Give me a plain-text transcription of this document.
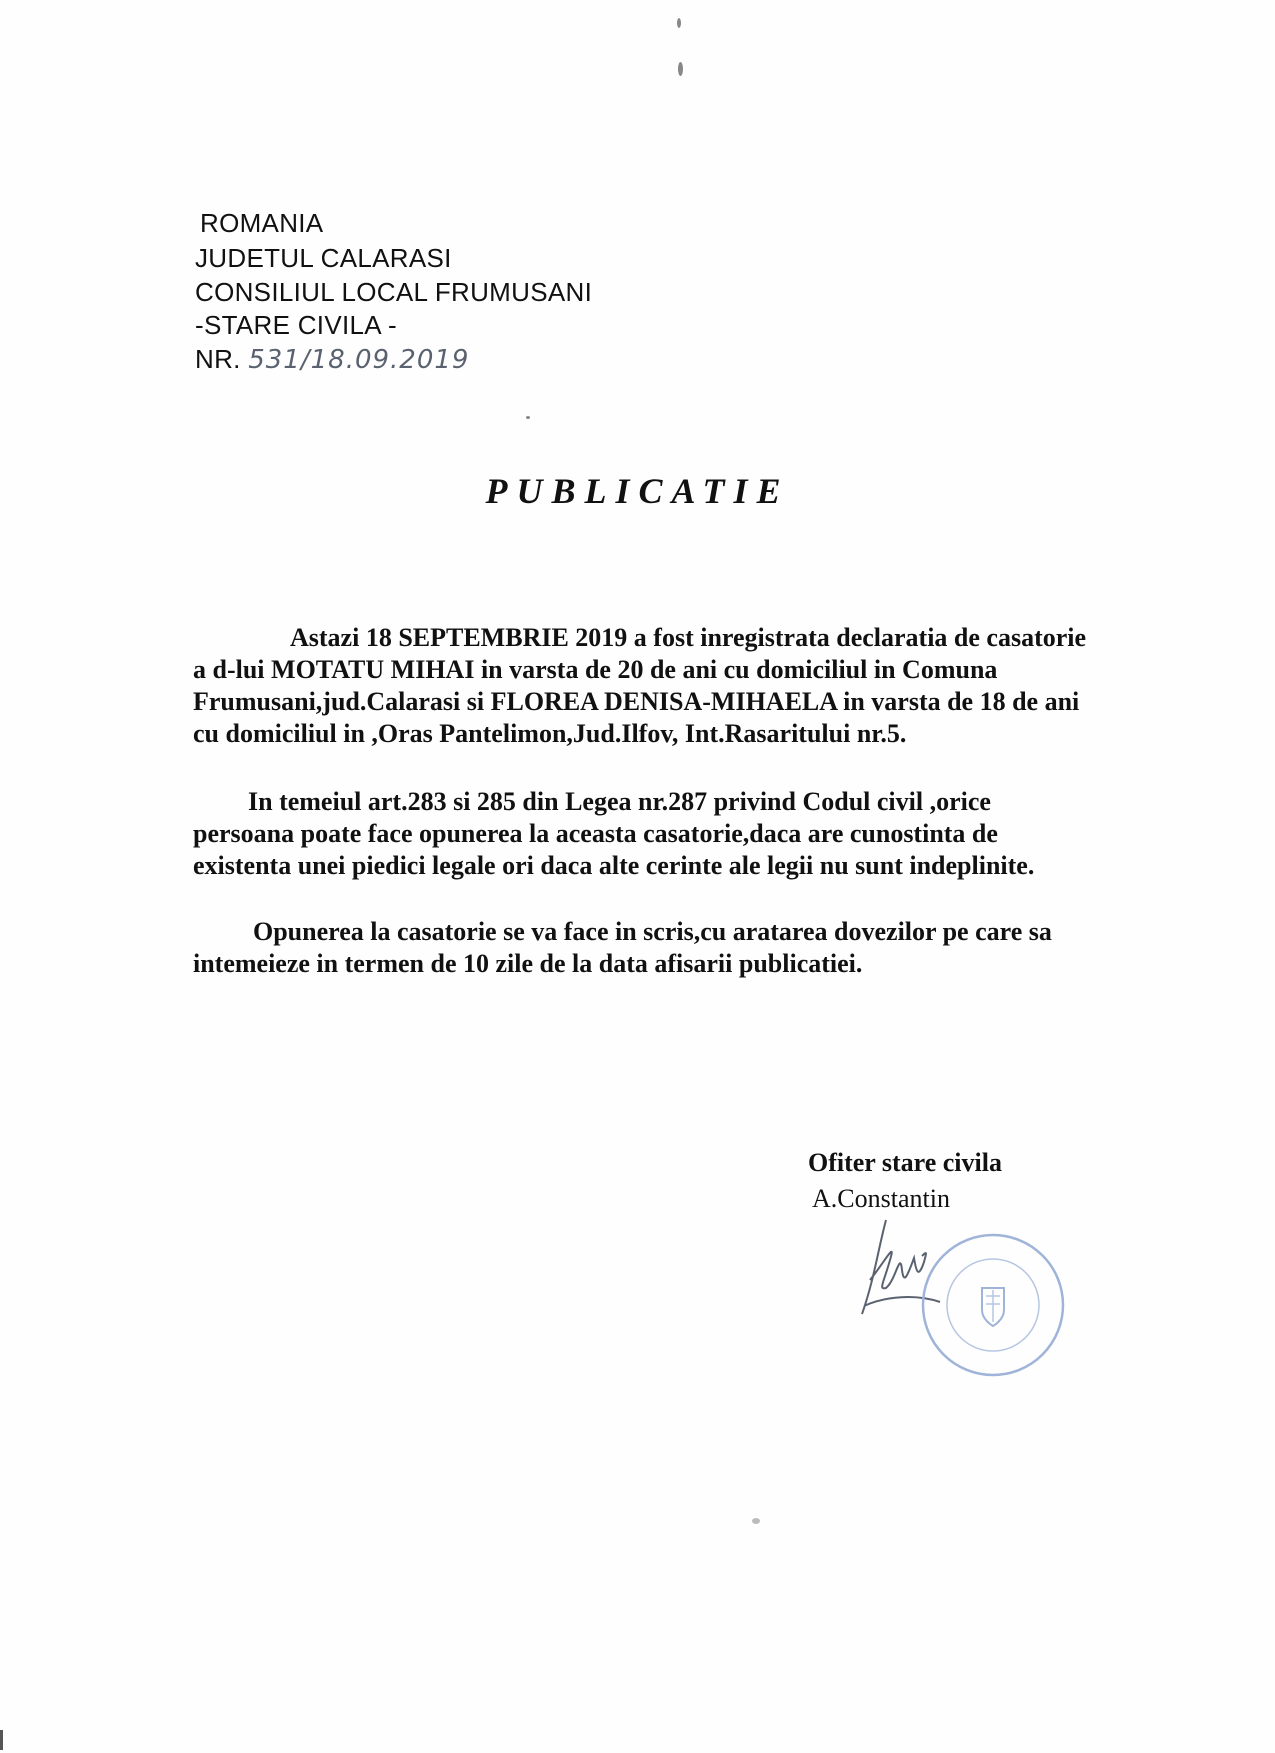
ROMANIA
JUDETUL CALARASI
CONSILIUL LOCAL FRUMUSANI
-STARE CIVILA -
NR. 531/18.09.2019
PUBLICATIE

Astazi 18 SEPTEMBRIE 2019 a fost inregistrata declaratia de casatorie a d-lui MOTATU MIHAI in varsta de 20 de ani cu domiciliul in Comuna Frumusani,jud.Calarasi si FLOREA DENISA-MIHAELA in varsta de 18 de ani cu domiciliul in ,Oras Pantelimon,Jud.Ilfov, Int.Rasaritului nr.5.

In temeiul art.283 si 285 din Legea nr.287 privind Codul civil ,orice persoana poate face opunerea la aceasta casatorie,daca are cunostinta de existenta unei piedici legale ori daca alte cerinte ale legii nu sunt indeplinite.

Opunerea la casatorie se va face in scris,cu aratarea dovezilor pe care sa intemeieze in termen de 10 zile de la data afisarii publicatiei.

Ofiter stare civila
A.Constantin
